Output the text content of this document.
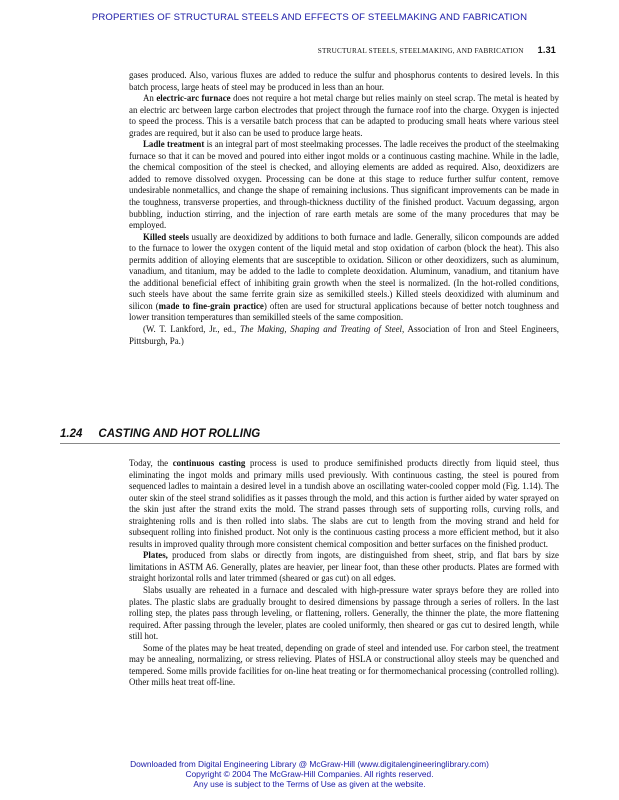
PROPERTIES OF STRUCTURAL STEELS AND EFFECTS OF STEELMAKING AND FABRICATION
STRUCTURAL STEELS, STEELMAKING, AND FABRICATION 1.31

gases produced. Also, various fluxes are added to reduce the sulfur and phosphorus contents to desired levels. In this batch process, large heats of steel may be produced in less than an hour.

An electric-arc furnace does not require a hot metal charge but relies mainly on steel scrap. The metal is heated by an electric arc between large carbon electrodes that project through the furnace roof into the charge. Oxygen is injected to speed the process. This is a versatile batch process that can be adapted to producing small heats where various steel grades are required, but it also can be used to produce large heats.

Ladle treatment is an integral part of most steelmaking processes. The ladle receives the product of the steelmaking furnace so that it can be moved and poured into either ingot molds or a continuous casting machine. While in the ladle, the chemical composition of the steel is checked, and alloying elements are added as required. Also, deoxidizers are added to remove dissolved oxygen. Processing can be done at this stage to reduce further sulfur content, remove undesirable nonmetallics, and change the shape of remaining inclusions. Thus significant improvements can be made in the toughness, transverse properties, and through-thickness ductility of the finished product. Vacuum degassing, argon bubbling, induction stirring, and the injection of rare earth metals are some of the many procedures that may be employed.

Killed steels usually are deoxidized by additions to both furnace and ladle. Generally, silicon compounds are added to the furnace to lower the oxygen content of the liquid metal and stop oxidation of carbon (block the heat). This also permits addition of alloying elements that are susceptible to oxidation. Silicon or other deoxidizers, such as aluminum, vanadium, and titanium, may be added to the ladle to complete deoxidation. Aluminum, vanadium, and titanium have the additional beneficial effect of inhibiting grain growth when the steel is normalized. (In the hot-rolled conditions, such steels have about the same ferrite grain size as semikilled steels.) Killed steels deoxidized with aluminum and silicon (made to fine-grain practice) often are used for structural applications because of better notch toughness and lower transition temperatures than semikilled steels of the same composition.

(W. T. Lankford, Jr., ed., The Making, Shaping and Treating of Steel, Association of Iron and Steel Engineers, Pittsburgh, Pa.)

1.24 CASTING AND HOT ROLLING

Today, the continuous casting process is used to produce semifinished products directly from liquid steel, thus eliminating the ingot molds and primary mills used previously. With continuous casting, the steel is poured from sequenced ladles to maintain a desired level in a tundish above an oscillating water-cooled copper mold (Fig. 1.14). The outer skin of the steel strand solidifies as it passes through the mold, and this action is further aided by water sprayed on the skin just after the strand exits the mold. The strand passes through sets of supporting rolls, curving rolls, and straightening rolls and is then rolled into slabs. The slabs are cut to length from the moving strand and held for subsequent rolling into finished product. Not only is the continuous casting process a more efficient method, but it also results in improved quality through more consistent chemical composition and better surfaces on the finished product.

Plates, produced from slabs or directly from ingots, are distinguished from sheet, strip, and flat bars by size limitations in ASTM A6. Generally, plates are heavier, per linear foot, than these other products. Plates are formed with straight horizontal rolls and later trimmed (sheared or gas cut) on all edges.

Slabs usually are reheated in a furnace and descaled with high-pressure water sprays before they are rolled into plates. The plastic slabs are gradually brought to desired dimensions by passage through a series of rollers. In the last rolling step, the plates pass through leveling, or flattening, rollers. Generally, the thinner the plate, the more flattening required. After passing through the leveler, plates are cooled uniformly, then sheared or gas cut to desired length, while still hot.

Some of the plates may be heat treated, depending on grade of steel and intended use. For carbon steel, the treatment may be annealing, normalizing, or stress relieving. Plates of HSLA or constructional alloy steels may be quenched and tempered. Some mills provide facilities for on-line heat treating or for thermomechanical processing (controlled rolling). Other mills heat treat off-line.

Downloaded from Digital Engineering Library @ McGraw-Hill (www.digitalengineeringlibrary.com)
Copyright © 2004 The McGraw-Hill Companies. All rights reserved.
Any use is subject to the Terms of Use as given at the website.
